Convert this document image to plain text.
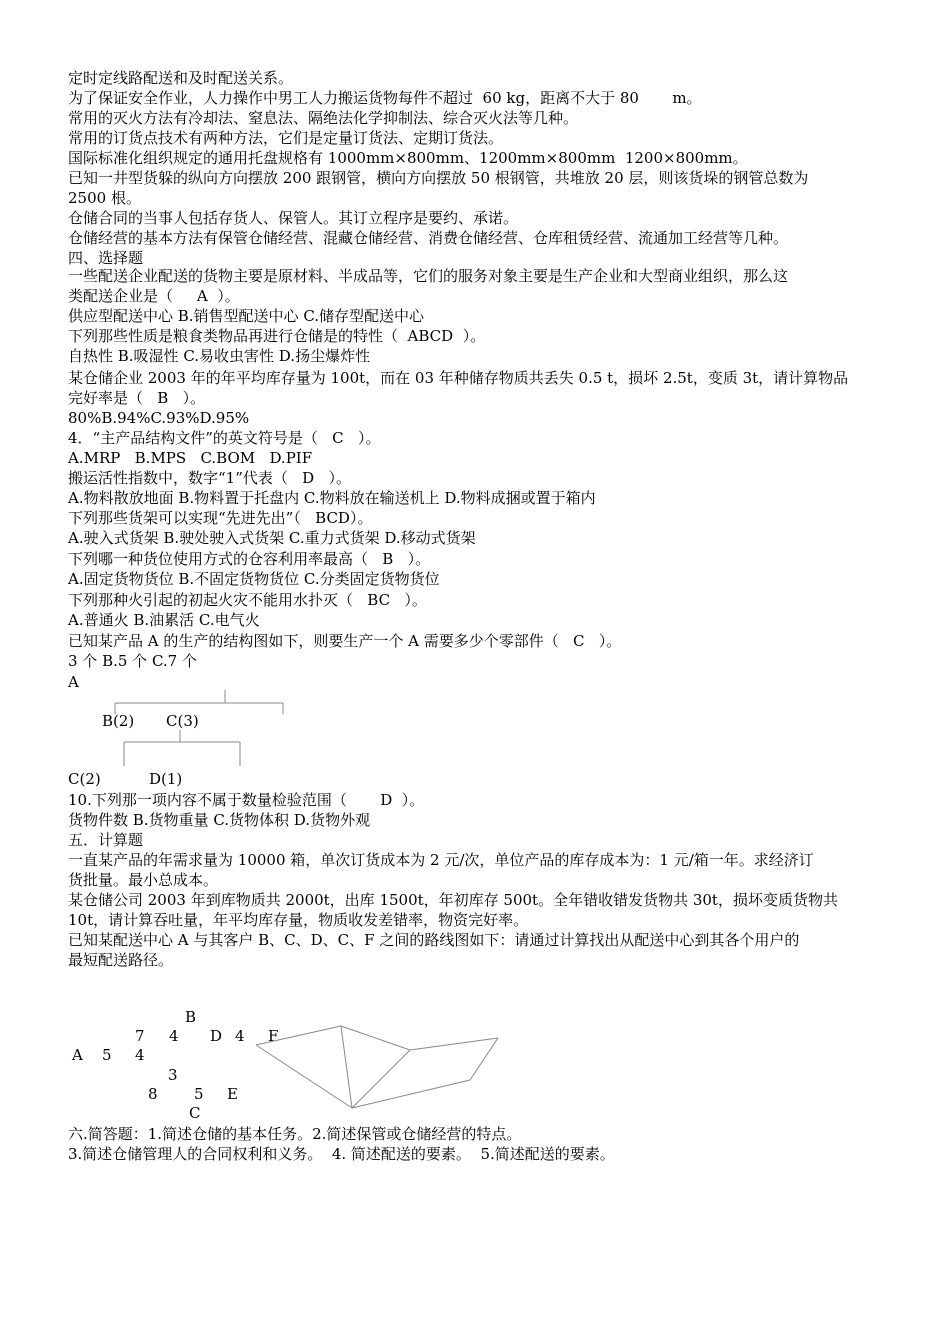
定时定线路配送和及时配送关系。
为了保证安全作业，人力操作中男工人力搬运货物每件不超过  60 kg，距离不大于 80       m。
常用的灭火方法有冷却法、窒息法、隔绝法化学抑制法、综合灭火法等几种。
常用的订货点技术有两种方法，它们是定量订货法、定期订货法。
国际标准化组织规定的通用托盘规格有 1000mm×800mm、1200mm×800mm  1200×800mm。
已知一井型货躲的纵向方向摆放 200 跟钢管，横向方向摆放 50 根钢管，共堆放 20 层，则该货垛的钢管总数为
2500 根。
仓储合同的当事人包括存货人、保管人。其订立程序是要约、承诺。
仓储经营的基本方法有保管仓储经营、混藏仓储经营、消费仓储经营、仓库租赁经营、流通加工经营等几种。
四、选择题
一些配送企业配送的货物主要是原材料、半成品等，它们的服务对象主要是生产企业和大型商业组织，那么这
类配送企业是（     A  ）。
供应型配送中心 B.销售型配送中心 C.储存型配送中心
下列那些性质是粮食类物品再进行仓储是的特性（  ABCD  ）。
自热性 B.吸湿性 C.易收虫害性 D.扬尘爆炸性
某仓储企业 2003 年的年平均库存量为 100t，而在 03 年种储存物质共丢失 0.5 t，损坏 2.5t，变质 3t，请计算物品
完好率是（   B   ）。
80%B.94%C.93%D.95%
4．“主产品结构文件”的英文符号是（   C   ）。
A.MRP   B.MPS   C.BOM   D.PIF
搬运活性指数中，数字“1”代表（   D   ）。
A.物料散放地面 B.物料置于托盘内 C.物料放在输送机上 D.物料成捆或置于箱内
下列那些货架可以实现“先进先出”（   BCD）。
A.驶入式货架 B.驶处驶入式货架 C.重力式货架 D.移动式货架
下列哪一种货位使用方式的仓容利用率最高（   B   ）。
A.固定货物货位 B.不固定货物货位 C.分类固定货物货位
下列那种火引起的初起火灾不能用水扑灭（   BC   ）。
A.普通火 B.油累活 C.电气火
已知某产品 A 的生产的结构图如下，则要生产一个 A 需要多少个零部件（   C   ）。
3 个 B.5 个 C.7 个
A
B(2) C(3)
C(2)	D(1)
10.下列那一项内容不属于数量检验范围（       D  ）。
货物件数 B.货物重量 C.货物体积 D.货物外观
五．计算题
一直某产品的年需求量为 10000 箱，单次订货成本为 2 元/次，单位产品的库存成本为：1 元/箱一年。求经济订
货批量。最小总成本。
某仓储公司 2003 年到库物质共 2000t，出库 1500t，年初库存 500t。全年错收错发货物共 30t，损坏变质货物共
10t，请计算吞吐量，年平均库存量，物质收发差错率，物资完好率。
已知某配送中心 A 与其客户 B、C、D、C、F 之间的路线图如下：请通过计算找出从配送中心到其各个用户的
最短配送路径。
B
7 4 D 4 F
A 5 4
3
8 5 E
C
六.简答题：1.简述仓储的基本任务。2.简述保管或仓储经营的特点。
3.简述仓储管理人的合同权利和义务。  4. 简述配送的要素。  5.简述配送的要素。
